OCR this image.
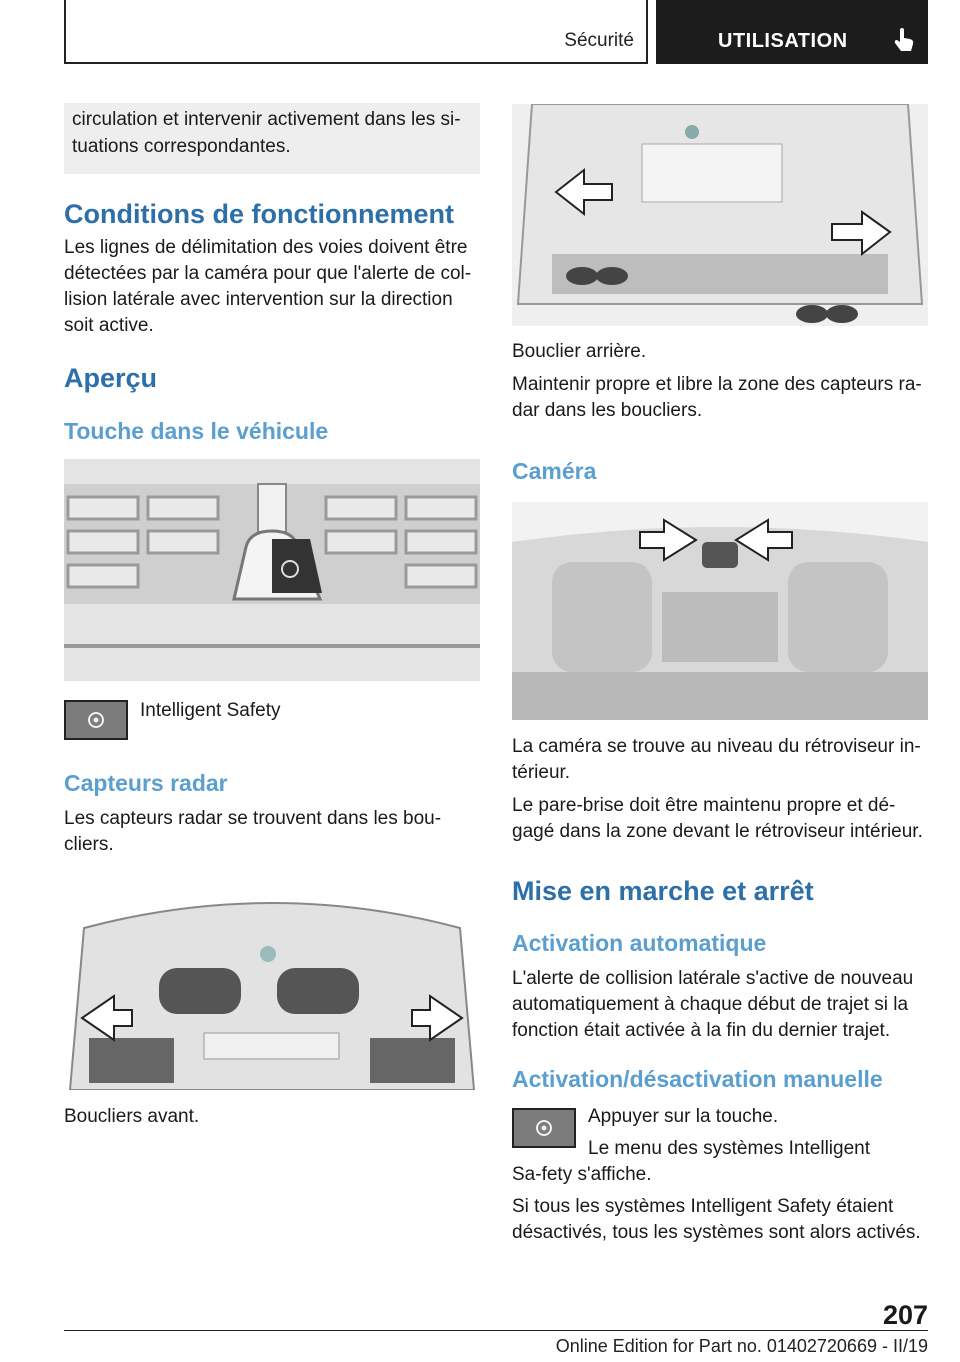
Sécurité	UTILISATION

circulation et intervenir activement dans les si-tuations correspondantes.

Conditions de fonctionnement

Les lignes de délimitation des voies doivent être détectées par la caméra pour que l'alerte de col-lision latérale avec intervention sur la direction soit active.

Aperçu
Touche dans le véhicule

Intelligent Safety

Capteurs radar

Les capteurs radar se trouvent dans les bou-cliers.

Boucliers avant.

Bouclier arrière.

Maintenir propre et libre la zone des capteurs ra-dar dans les boucliers.

Caméra

La caméra se trouve au niveau du rétroviseur in-térieur.

Le pare-brise doit être maintenu propre et dé-gagé dans la zone devant le rétroviseur intérieur.

Mise en marche et arrêt
Activation automatique

L'alerte de collision latérale s'active de nouveau automatiquement à chaque début de trajet si la fonction était activée à la fin du dernier trajet.

Activation/désactivation manuelle

Appuyer sur la touche.

Le menu des systèmes Intelligent Sa-fety s'affiche.

Si tous les systèmes Intelligent Safety étaient désactivés, tous les systèmes sont alors activés.

207
Online Edition for Part no. 01402720669 - II/19
